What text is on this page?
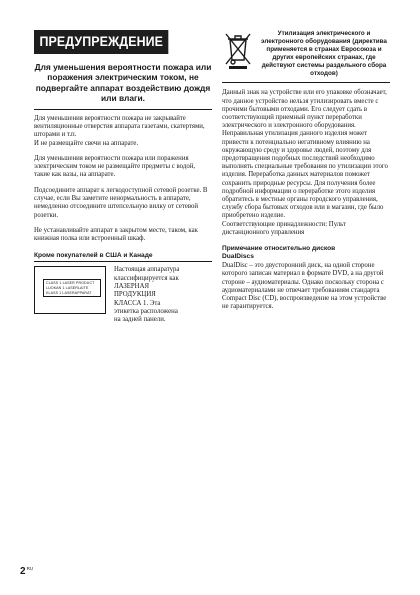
ПРЕДУПРЕЖДЕНИЕ
Для уменьшения вероятности пожара или поражения электрическим током, не подвергайте аппарат воздействию дождя или влаги.

Для уменьшения вероятности пожара не закрывайте вентиляционные отверстия аппарата газетами, скатертями, шторами и т.п.
И не размещайте свечи на аппарате.

Для уменьшения вероятности пожара или поражения электрическим током не размещайте предметы с водой, такие как вазы, на аппарате.

Подсоедините аппарат к легкодоступной сетевой розетке. В случае, если Вы заметите ненормальность в аппарате, немедленно отсоедините штепсельную вилку от сетевой розетки.

Не устанавливайте аппарат в закрытом месте, таком, как книжная полка или встроенный шкаф.

Кроме покупателей в США и Канаде
CLASS 1 LASER PRODUCT
LUOKAN 1 LASERLAITE
KLASS 1 LASERAPPARAT
Настоящая аппаратура классифицируется как ЛАЗЕРНАЯ ПРОДУКЦИЯ КЛАССА 1. Эта этикетка расположена на задней панели.
Утилизация электрического и электронного оборудования (директива применяется в странах Евросоюза и других европейских странах, где действуют системы раздельного сбора отходов)

Данный знак на устройстве или его упаковке обозначает, что данное устройство нельзя утилизировать вместе с прочими бытовыми отходами. Его следует сдать в соответствующий приемный пункт переработки электрического и электронного оборудования. Неправильная утилизация данного изделия может привести к потенциально негативному влиянию на окружающую среду и здоровье людей, поэтому для предотвращения подобных последствий необходимо выполнять специальные требования по утилизации этого изделия. Переработка данных материалов поможет сохранить природные ресурсы. Для получения более подробной информации о переработке этого изделия обратитесь в местные органы городского управления, службу сбора бытовых отходов или в магазин, где было приобретено изделие.
Соответствующие принадлежности: Пульт дистанционного управления

Примечание относительно дисков
DualDiscs

DualDisc – это двусторонний диск, на одной стороне которого записан материал в формате DVD, а на другой стороне – аудиоматериалы. Однако поскольку сторона с аудиоматериалами не отвечает требованиям стандарта Compact Disc (CD), воспроизведение на этом устройстве не гарантируется.

$2^{RU}$
